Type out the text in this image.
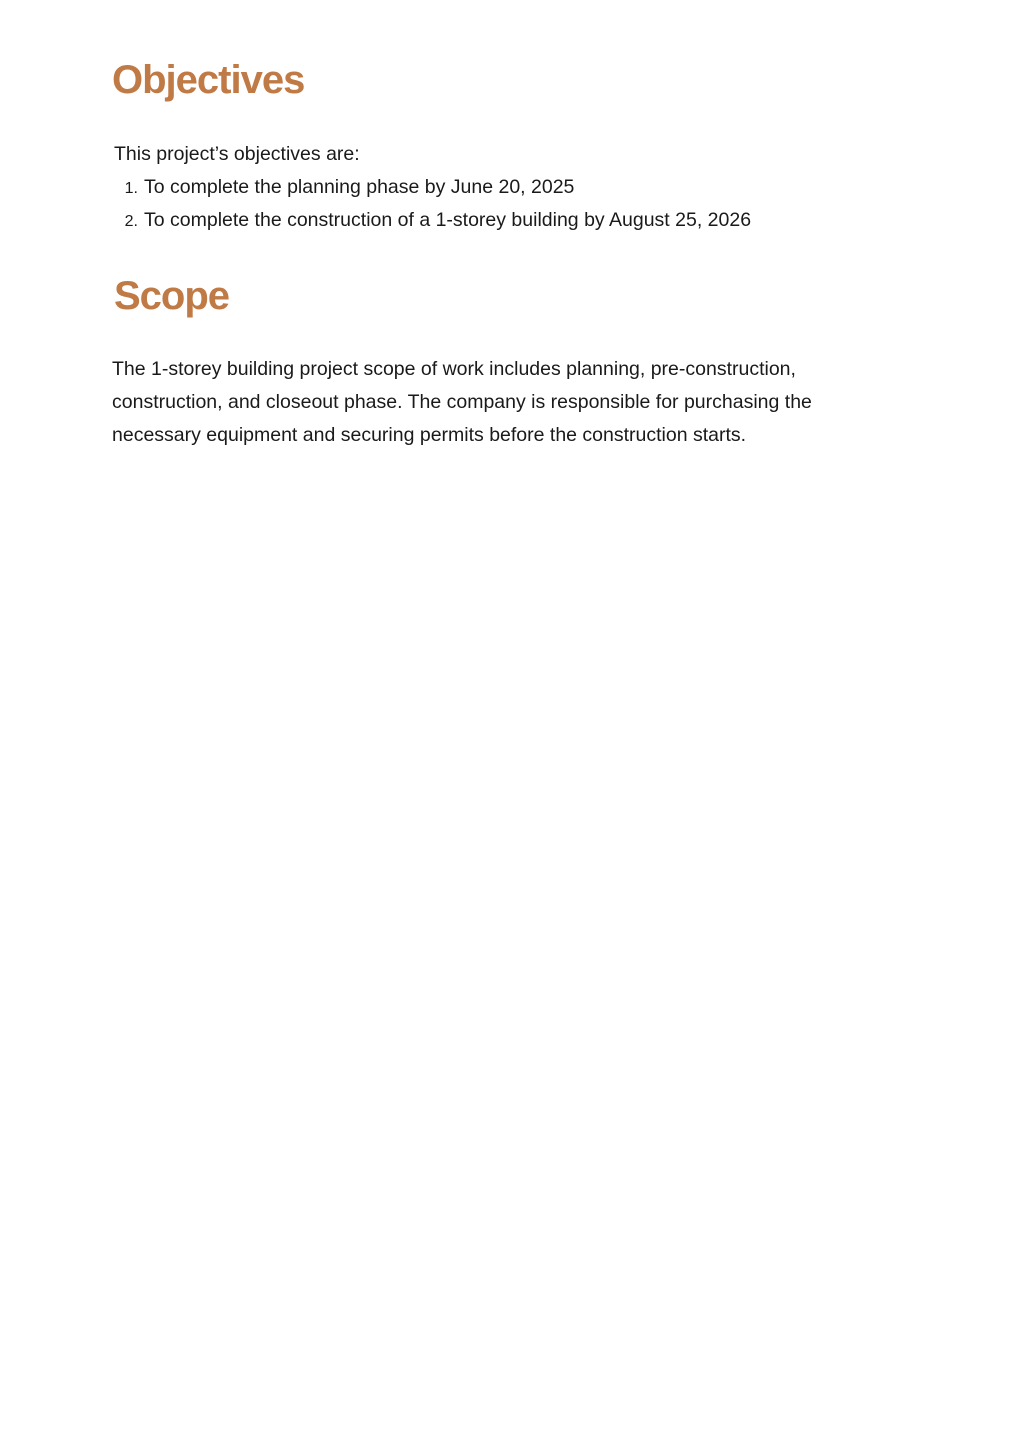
Objectives

This project’s objectives are:

1. To complete the planning phase by June 20, 2025
2. To complete the construction of a 1-storey building by August 25, 2026
Scope

The 1-storey building project scope of work includes planning, pre-construction, construction, and closeout phase. The company is responsible for purchasing the necessary equipment and securing permits before the construction starts.
